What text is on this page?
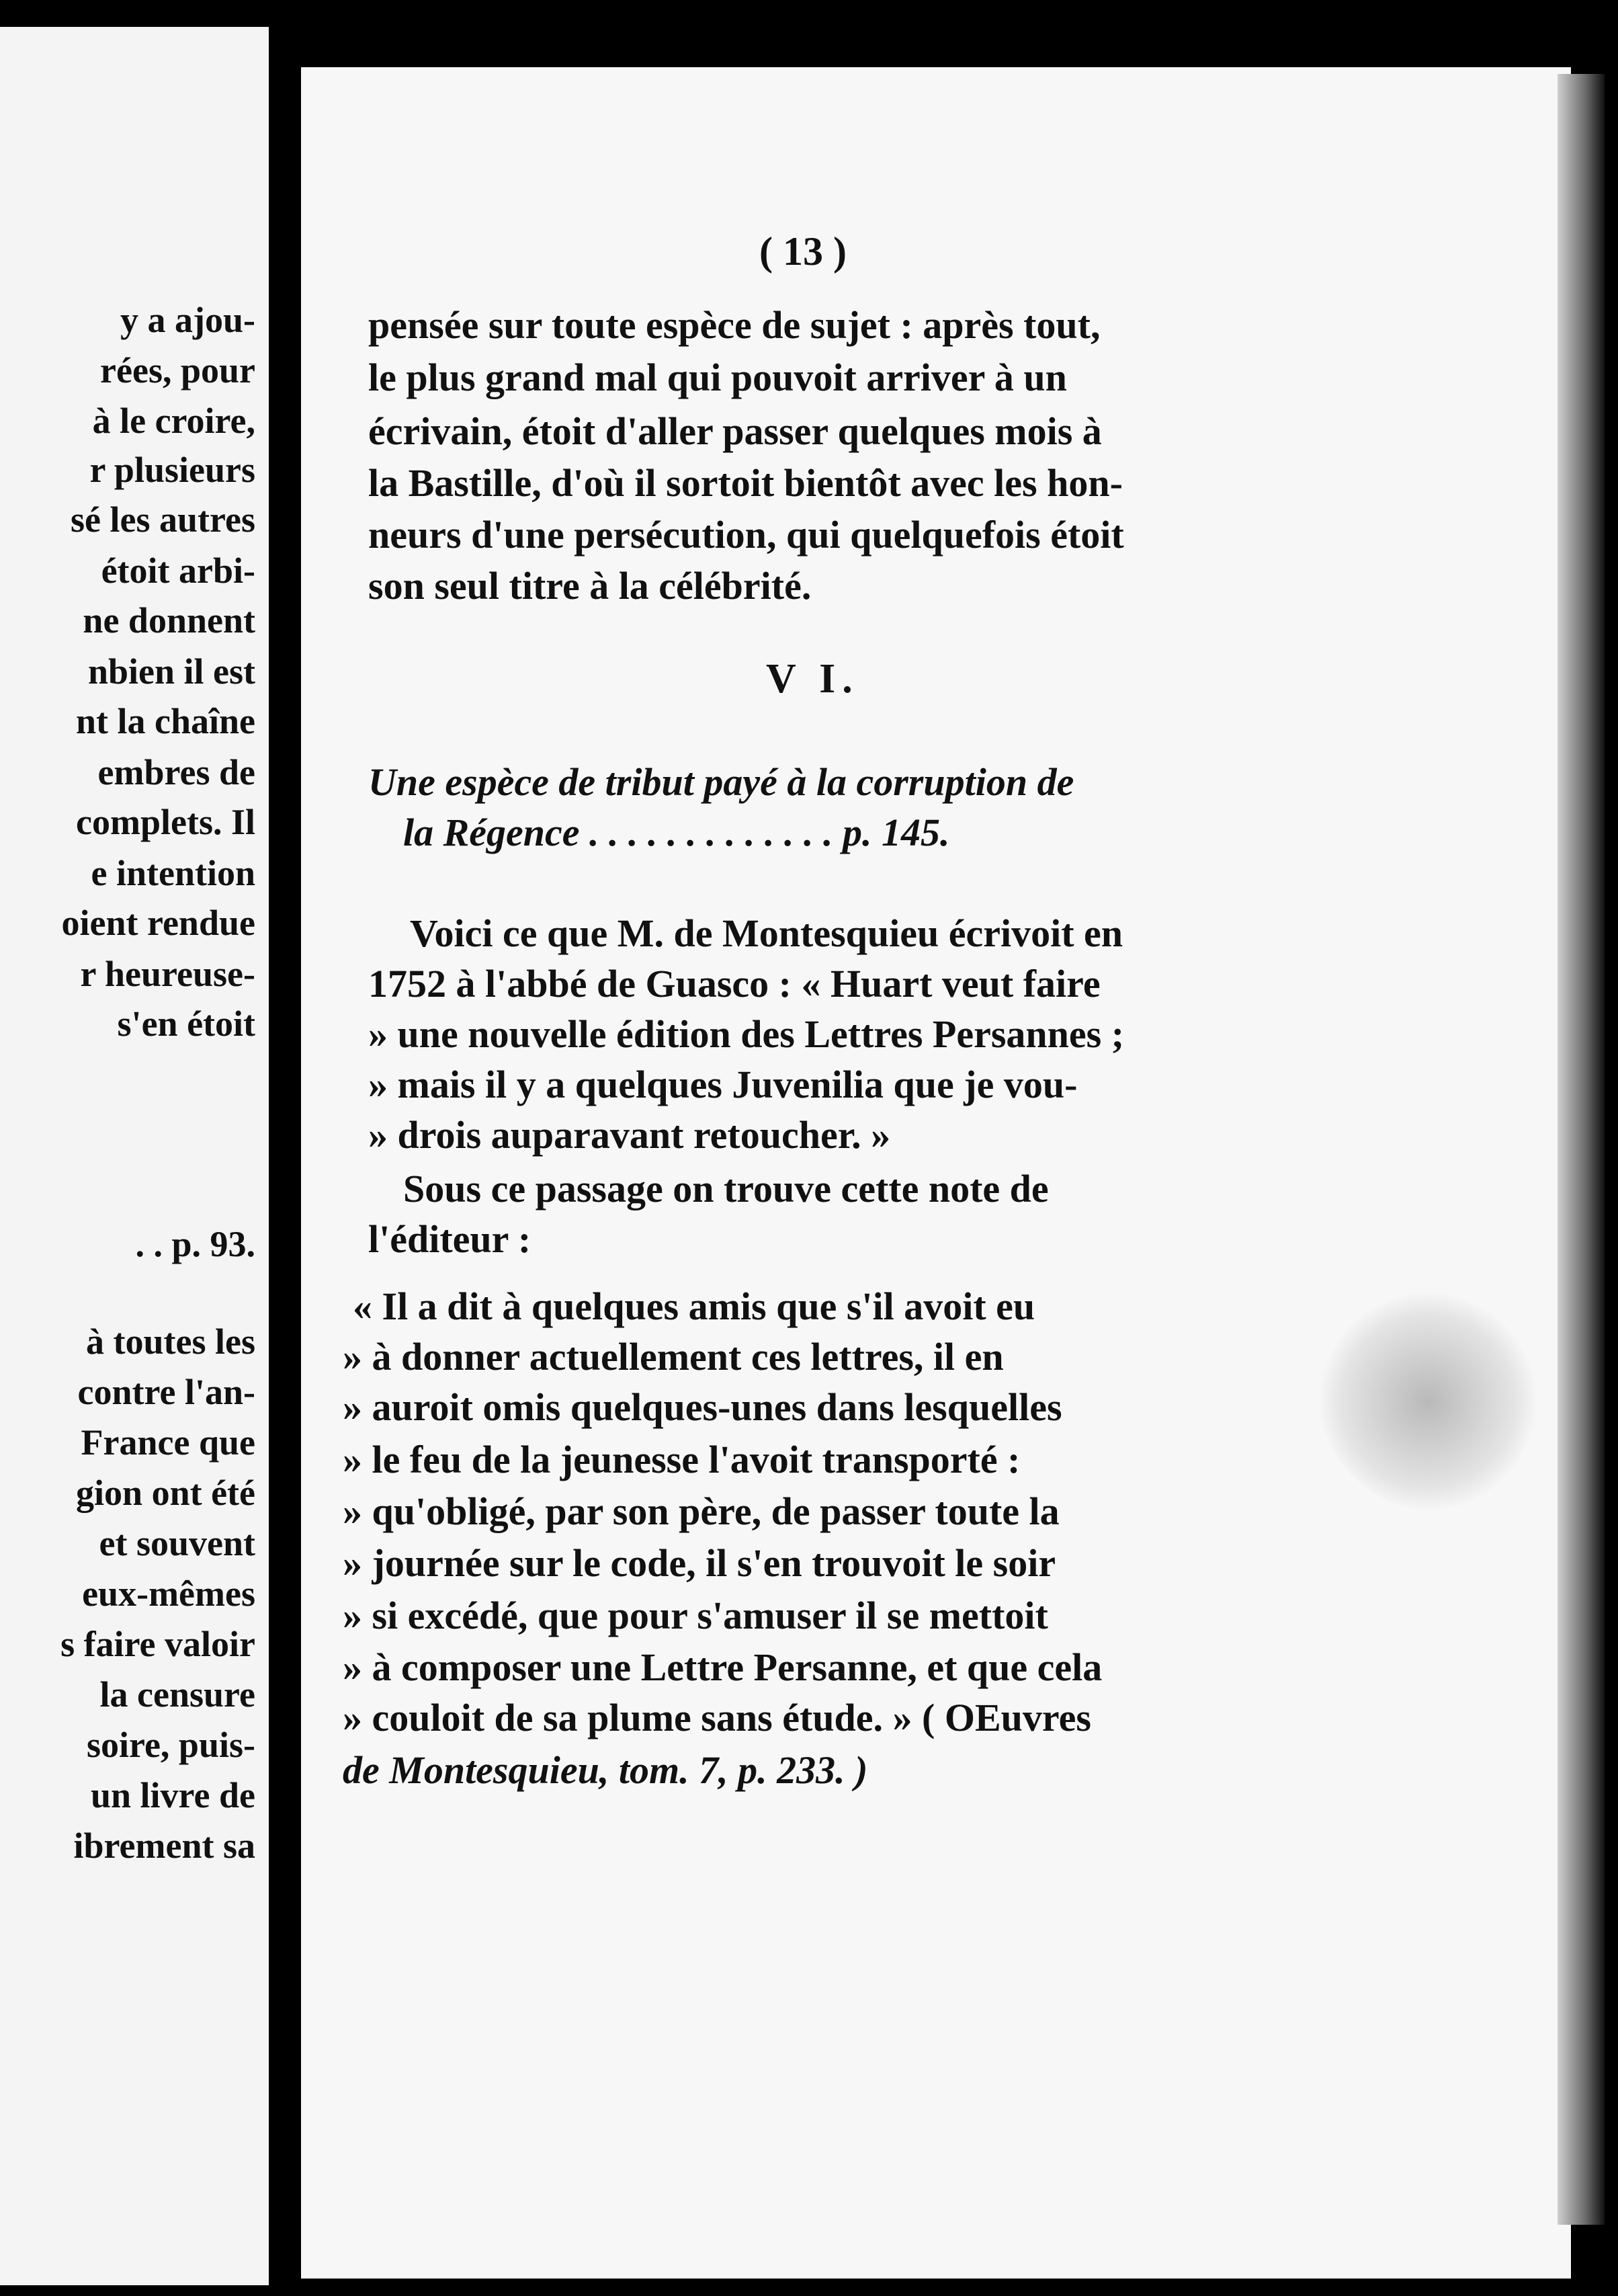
y a ajou-
rées, pour
à le croire,
r plusieurs
sé les autres
étoit arbi-
ne donnent
nbien il est
nt la chaîne
embres de
complets. Il
e intention
oient rendue
r heureuse-
s'en étoit
. . p. 93.
à toutes les
contre l'an-
France que
gion ont été
et souvent
eux-mêmes
s faire valoir
la censure
soire, puis-
un livre de
ibrement sa
( 13 )
pensée sur toute espèce de sujet : après tout,
le plus grand mal qui pouvoit arriver à un
écrivain, étoit d'aller passer quelques mois à
la Bastille, d'où il sortoit bientôt avec les hon-
neurs d'une persécution, qui quelquefois étoit
son seul titre à la célébrité.
V I.
Une espèce de tribut payé à la corruption de
la Régence . . . . . . . . . . . . . p. 145.
Voici ce que M. de Montesquieu écrivoit en
1752 à l'abbé de Guasco : « Huart veut faire
» une nouvelle édition des Lettres Persannes ;
» mais il y a quelques Juvenilia que je vou-
» drois auparavant retoucher. »
Sous ce passage on trouve cette note de
l'éditeur :
« Il a dit à quelques amis que s'il avoit eu
» à donner actuellement ces lettres, il en
» auroit omis quelques-unes dans lesquelles
» le feu de la jeunesse l'avoit transporté :
» qu'obligé, par son père, de passer toute la
» journée sur le code, il s'en trouvoit le soir
» si excédé, que pour s'amuser il se mettoit
» à composer une Lettre Persanne, et que cela
» couloit de sa plume sans étude. » ( OEuvres
de Montesquieu, tom. 7, p. 233. )
